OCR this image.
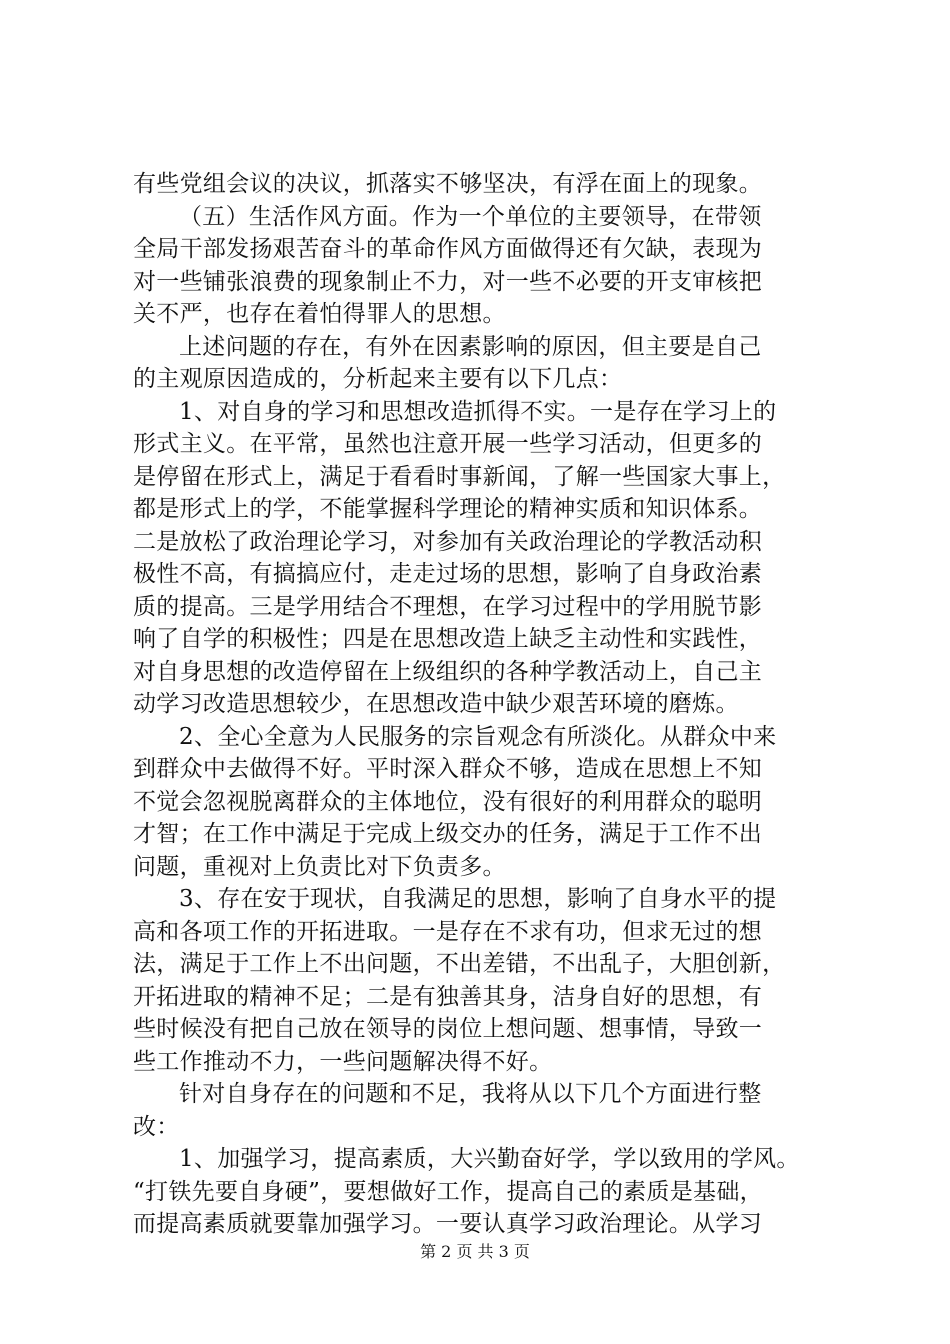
有些党组会议的决议，抓落实不够坚决，有浮在面上的现象。
（五）生活作风方面。作为一个单位的主要领导，在带领
全局干部发扬艰苦奋斗的革命作风方面做得还有欠缺，表现为
对一些铺张浪费的现象制止不力，对一些不必要的开支审核把
关不严，也存在着怕得罪人的思想。
上述问题的存在，有外在因素影响的原因，但主要是自己
的主观原因造成的，分析起来主要有以下几点：
1、对自身的学习和思想改造抓得不实。一是存在学习上的
形式主义。在平常，虽然也注意开展一些学习活动，但更多的
是停留在形式上，满足于看看时事新闻，了解一些国家大事上，
都是形式上的学，不能掌握科学理论的精神实质和知识体系。
二是放松了政治理论学习，对参加有关政治理论的学教活动积
极性不高，有搞搞应付，走走过场的思想，影响了自身政治素
质的提高。三是学用结合不理想，在学习过程中的学用脱节影
响了自学的积极性；四是在思想改造上缺乏主动性和实践性，
对自身思想的改造停留在上级组织的各种学教活动上，自己主
动学习改造思想较少，在思想改造中缺少艰苦环境的磨炼。
2、全心全意为人民服务的宗旨观念有所淡化。从群众中来
到群众中去做得不好。平时深入群众不够，造成在思想上不知
不觉会忽视脱离群众的主体地位，没有很好的利用群众的聪明
才智；在工作中满足于完成上级交办的任务，满足于工作不出
问题，重视对上负责比对下负责多。
3、存在安于现状，自我满足的思想，影响了自身水平的提
高和各项工作的开拓进取。一是存在不求有功，但求无过的想
法，满足于工作上不出问题，不出差错，不出乱子，大胆创新，
开拓进取的精神不足；二是有独善其身，洁身自好的思想，有
些时候没有把自己放在领导的岗位上想问题、想事情，导致一
些工作推动不力，一些问题解决得不好。
针对自身存在的问题和不足，我将从以下几个方面进行整
改：
1、加强学习，提高素质，大兴勤奋好学，学以致用的学风。
“打铁先要自身硬”，要想做好工作，提高自己的素质是基础，
而提高素质就要靠加强学习。一要认真学习政治理论。从学习
第 2 页 共 3 页
